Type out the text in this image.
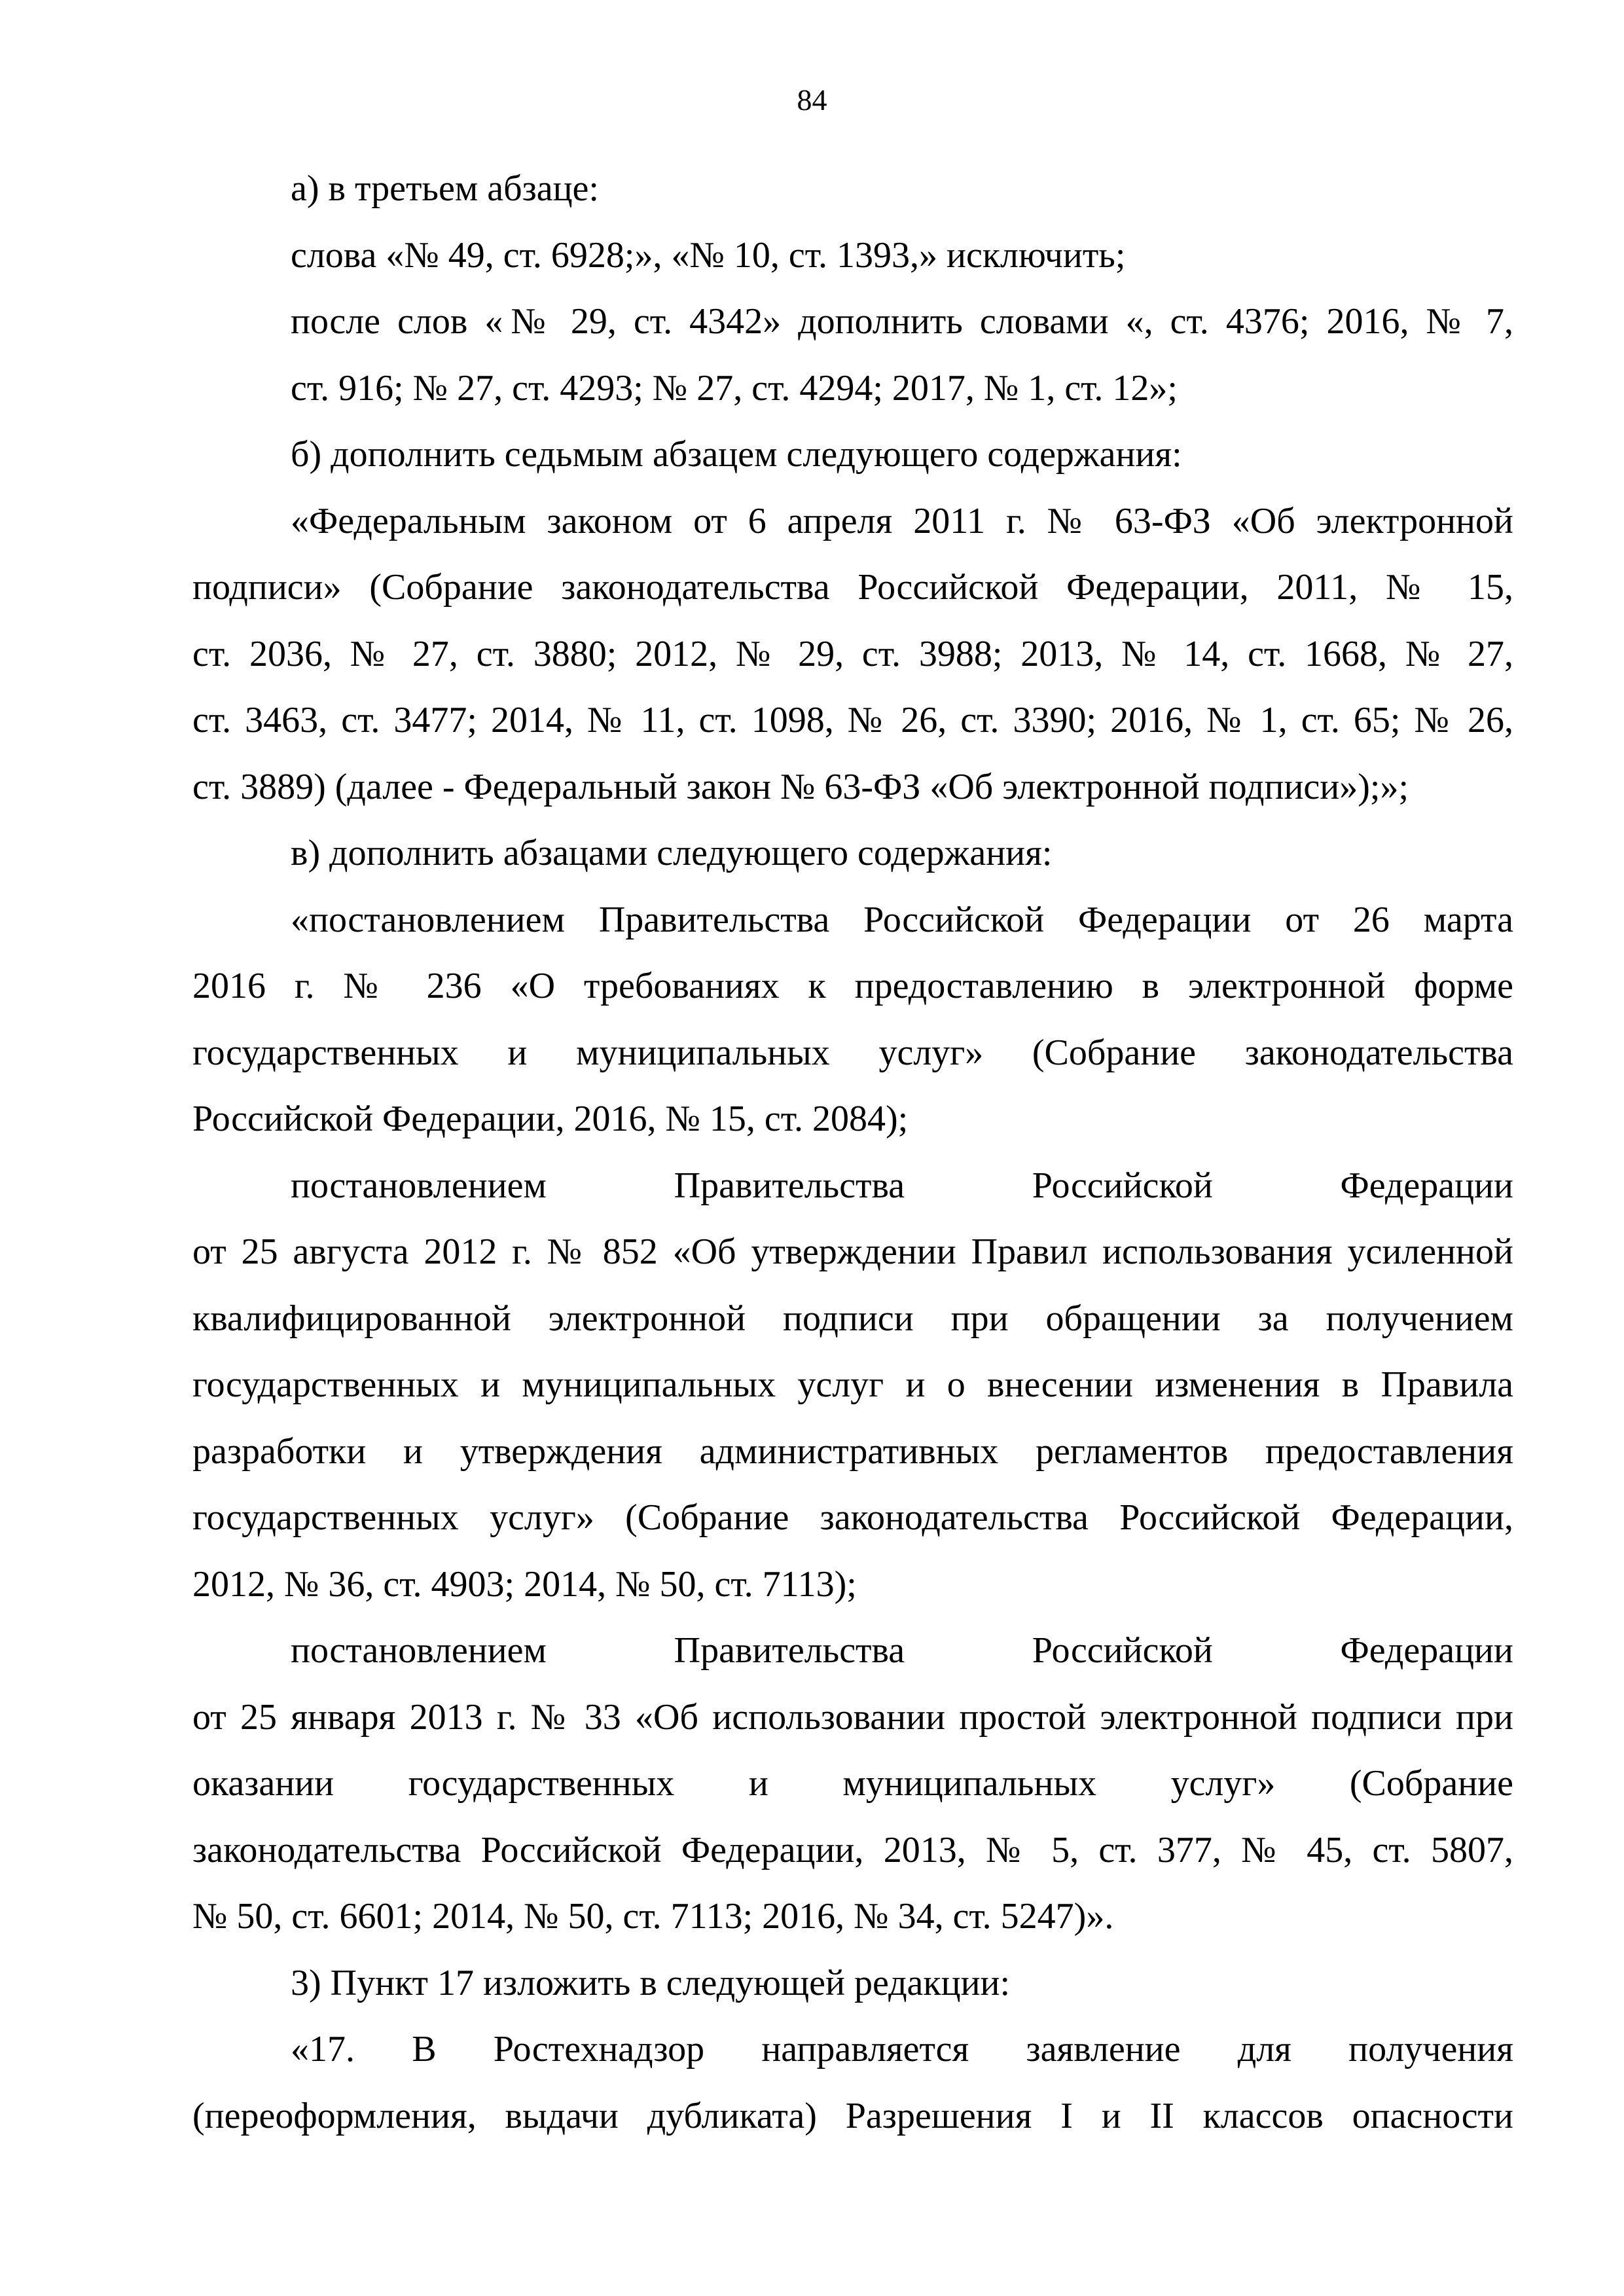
84
а) в третьем абзаце:
слова «№ 49, ст. 6928;», «№ 10, ст. 1393,» исключить;
после слов «№ 29, ст. 4342» дополнить словами «, ст. 4376; 2016, № 7,
ст. 916; № 27, ст. 4293; № 27, ст. 4294; 2017, № 1, ст. 12»;
б) дополнить седьмым абзацем следующего содержания:
«Федеральным законом от 6 апреля 2011 г. № 63-ФЗ «Об электронной
подписи» (Собрание законодательства Российской Федерации, 2011, № 15,
ст. 2036, № 27, ст. 3880; 2012, № 29, ст. 3988; 2013, № 14, ст. 1668, № 27,
ст. 3463, ст. 3477; 2014, № 11, ст. 1098, № 26, ст. 3390; 2016, № 1, ст. 65; № 26,
ст. 3889) (далее - Федеральный закон № 63-ФЗ «Об электронной подписи»);»;
в) дополнить абзацами следующего содержания:
«постановлением Правительства Российской Федерации от 26 марта
2016 г. № 236 «О требованиях к предоставлению в электронной форме
государственных и муниципальных услуг» (Собрание законодательства
Российской Федерации, 2016, № 15, ст. 2084);
постановлением Правительства Российской Федерации
от 25 августа 2012 г. № 852 «Об утверждении Правил использования усиленной
квалифицированной электронной подписи при обращении за получением
государственных и муниципальных услуг и о внесении изменения в Правила
разработки и утверждения административных регламентов предоставления
государственных услуг» (Собрание законодательства Российской Федерации,
2012, № 36, ст. 4903; 2014, № 50, ст. 7113);
постановлением Правительства Российской Федерации
от 25 января 2013 г. № 33 «Об использовании простой электронной подписи при
оказании государственных и муниципальных услуг» (Собрание
законодательства Российской Федерации, 2013, № 5, ст. 377, № 45, ст. 5807,
№ 50, ст. 6601; 2014, № 50, ст. 7113; 2016, № 34, ст. 5247)».
3) Пункт 17 изложить в следующей редакции:
«17. В Ростехнадзор направляется заявление для получения
(переоформления, выдачи дубликата) Разрешения I и II классов опасности
